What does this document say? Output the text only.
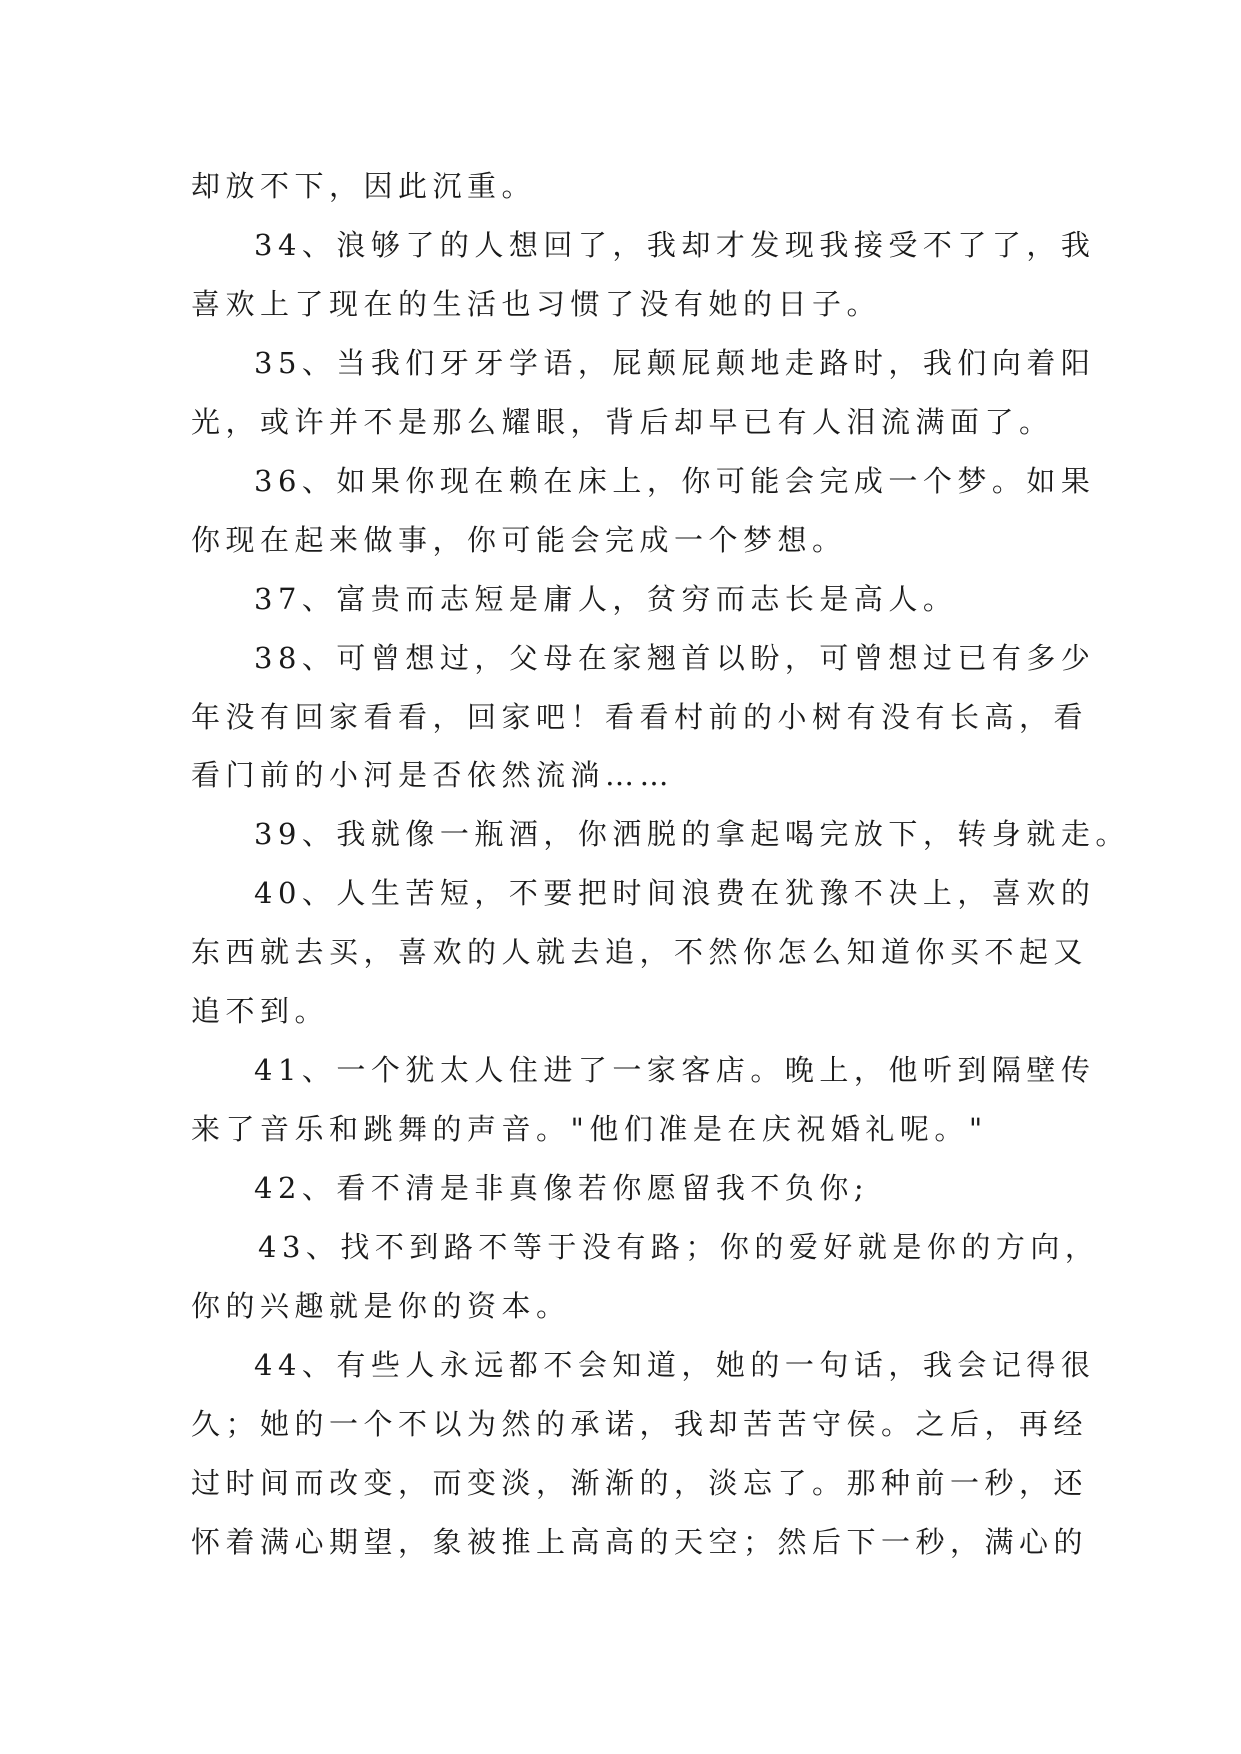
却放不下，因此沉重。

34、浪够了的人想回了，我却才发现我接受不了了，我

喜欢上了现在的生活也习惯了没有她的日子。

35、当我们牙牙学语，屁颠屁颠地走路时，我们向着阳

光，或许并不是那么耀眼，背后却早已有人泪流满面了。

36、如果你现在赖在床上，你可能会完成一个梦。如果

你现在起来做事，你可能会完成一个梦想。

37、富贵而志短是庸人，贫穷而志长是高人。

38、可曾想过，父母在家翘首以盼，可曾想过已有多少

年没有回家看看，回家吧！看看村前的小树有没有长高，看

看门前的小河是否依然流淌……

39、我就像一瓶酒，你洒脱的拿起喝完放下，转身就走。

40、人生苦短，不要把时间浪费在犹豫不决上，喜欢的

东西就去买，喜欢的人就去追，不然你怎么知道你买不起又

追不到。

41、一个犹太人住进了一家客店。晚上，他听到隔壁传

来了音乐和跳舞的声音。"他们准是在庆祝婚礼呢。"

42、看不清是非真像若你愿留我不负你;

43、找不到路不等于没有路；你的爱好就是你的方向，

你的兴趣就是你的资本。

44、有些人永远都不会知道，她的一句话，我会记得很

久；她的一个不以为然的承诺，我却苦苦守侯。之后，再经

过时间而改变，而变淡，渐渐的，淡忘了。那种前一秒，还

怀着满心期望，象被推上高高的天空；然后下一秒，满心的
